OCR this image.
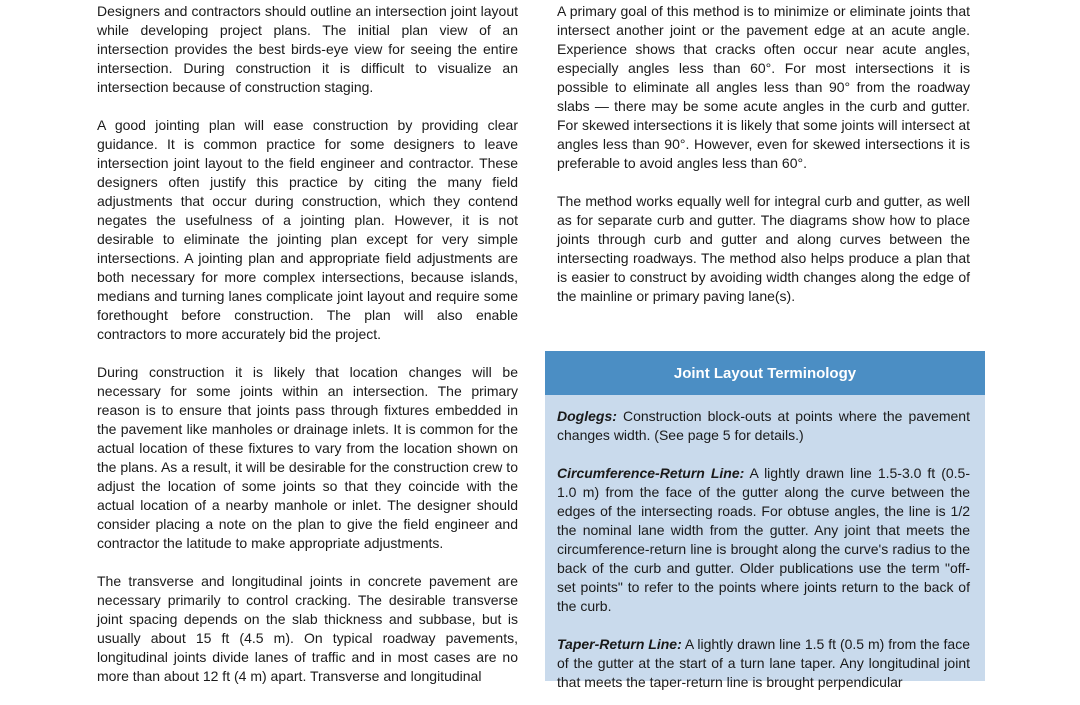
Designers and contractors should outline an intersection joint layout while developing project plans. The initial plan view of an intersection provides the best birds-eye view for seeing the entire intersection. During construction it is difficult to visualize an intersection because of construction staging.

A good jointing plan will ease construction by providing clear guidance. It is common practice for some designers to leave intersection joint layout to the field engineer and contractor. These designers often justify this practice by citing the many field adjustments that occur during construction, which they contend negates the usefulness of a jointing plan. However, it is not desirable to eliminate the jointing plan except for very simple intersections. A jointing plan and appropriate field adjustments are both necessary for more complex intersections, because islands, medians and turning lanes complicate joint layout and require some forethought before construction. The plan will also enable contractors to more accurately bid the project.

During construction it is likely that location changes will be necessary for some joints within an intersection. The primary reason is to ensure that joints pass through fixtures embedded in the pavement like manholes or drainage inlets. It is common for the actual location of these fixtures to vary from the location shown on the plans. As a result, it will be desirable for the construction crew to adjust the location of some joints so that they coincide with the actual location of a nearby manhole or inlet. The designer should consider placing a note on the plan to give the field engineer and contractor the latitude to make appropriate adjustments.

The transverse and longitudinal joints in concrete pavement are necessary primarily to control cracking. The desirable transverse joint spacing depends on the slab thickness and subbase, but is usually about 15 ft (4.5 m). On typical roadway pavements, longitudinal joints divide lanes of traffic and in most cases are no more than about 12 ft (4 m) apart. Transverse and longitudinal

A primary goal of this method is to minimize or eliminate joints that intersect another joint or the pavement edge at an acute angle. Experience shows that cracks often occur near acute angles, especially angles less than 60°. For most intersections it is possible to eliminate all angles less than 90° from the roadway slabs — there may be some acute angles in the curb and gutter. For skewed intersections it is likely that some joints will intersect at angles less than 90°. However, even for skewed intersections it is preferable to avoid angles less than 60°.

The method works equally well for integral curb and gutter, as well as for separate curb and gutter. The diagrams show how to place joints through curb and gutter and along curves between the intersecting roadways. The method also helps produce a plan that is easier to construct by avoiding width changes along the edge of the mainline or primary paving lane(s).

Joint Layout Terminology

Doglegs: Construction block-outs at points where the pavement changes width. (See page 5 for details.)

Circumference-Return Line: A lightly drawn line 1.5-3.0 ft (0.5-1.0 m) from the face of the gutter along the curve between the edges of the intersecting roads. For obtuse angles, the line is 1/2 the nominal lane width from the gutter. Any joint that meets the circumference-return line is brought along the curve's radius to the back of the curb and gutter. Older publications use the term "off-set points" to refer to the points where joints return to the back of the curb.

Taper-Return Line: A lightly drawn line 1.5 ft (0.5 m) from the face of the gutter at the start of a turn lane taper. Any longitudinal joint that meets the taper-return line is brought perpendicular
